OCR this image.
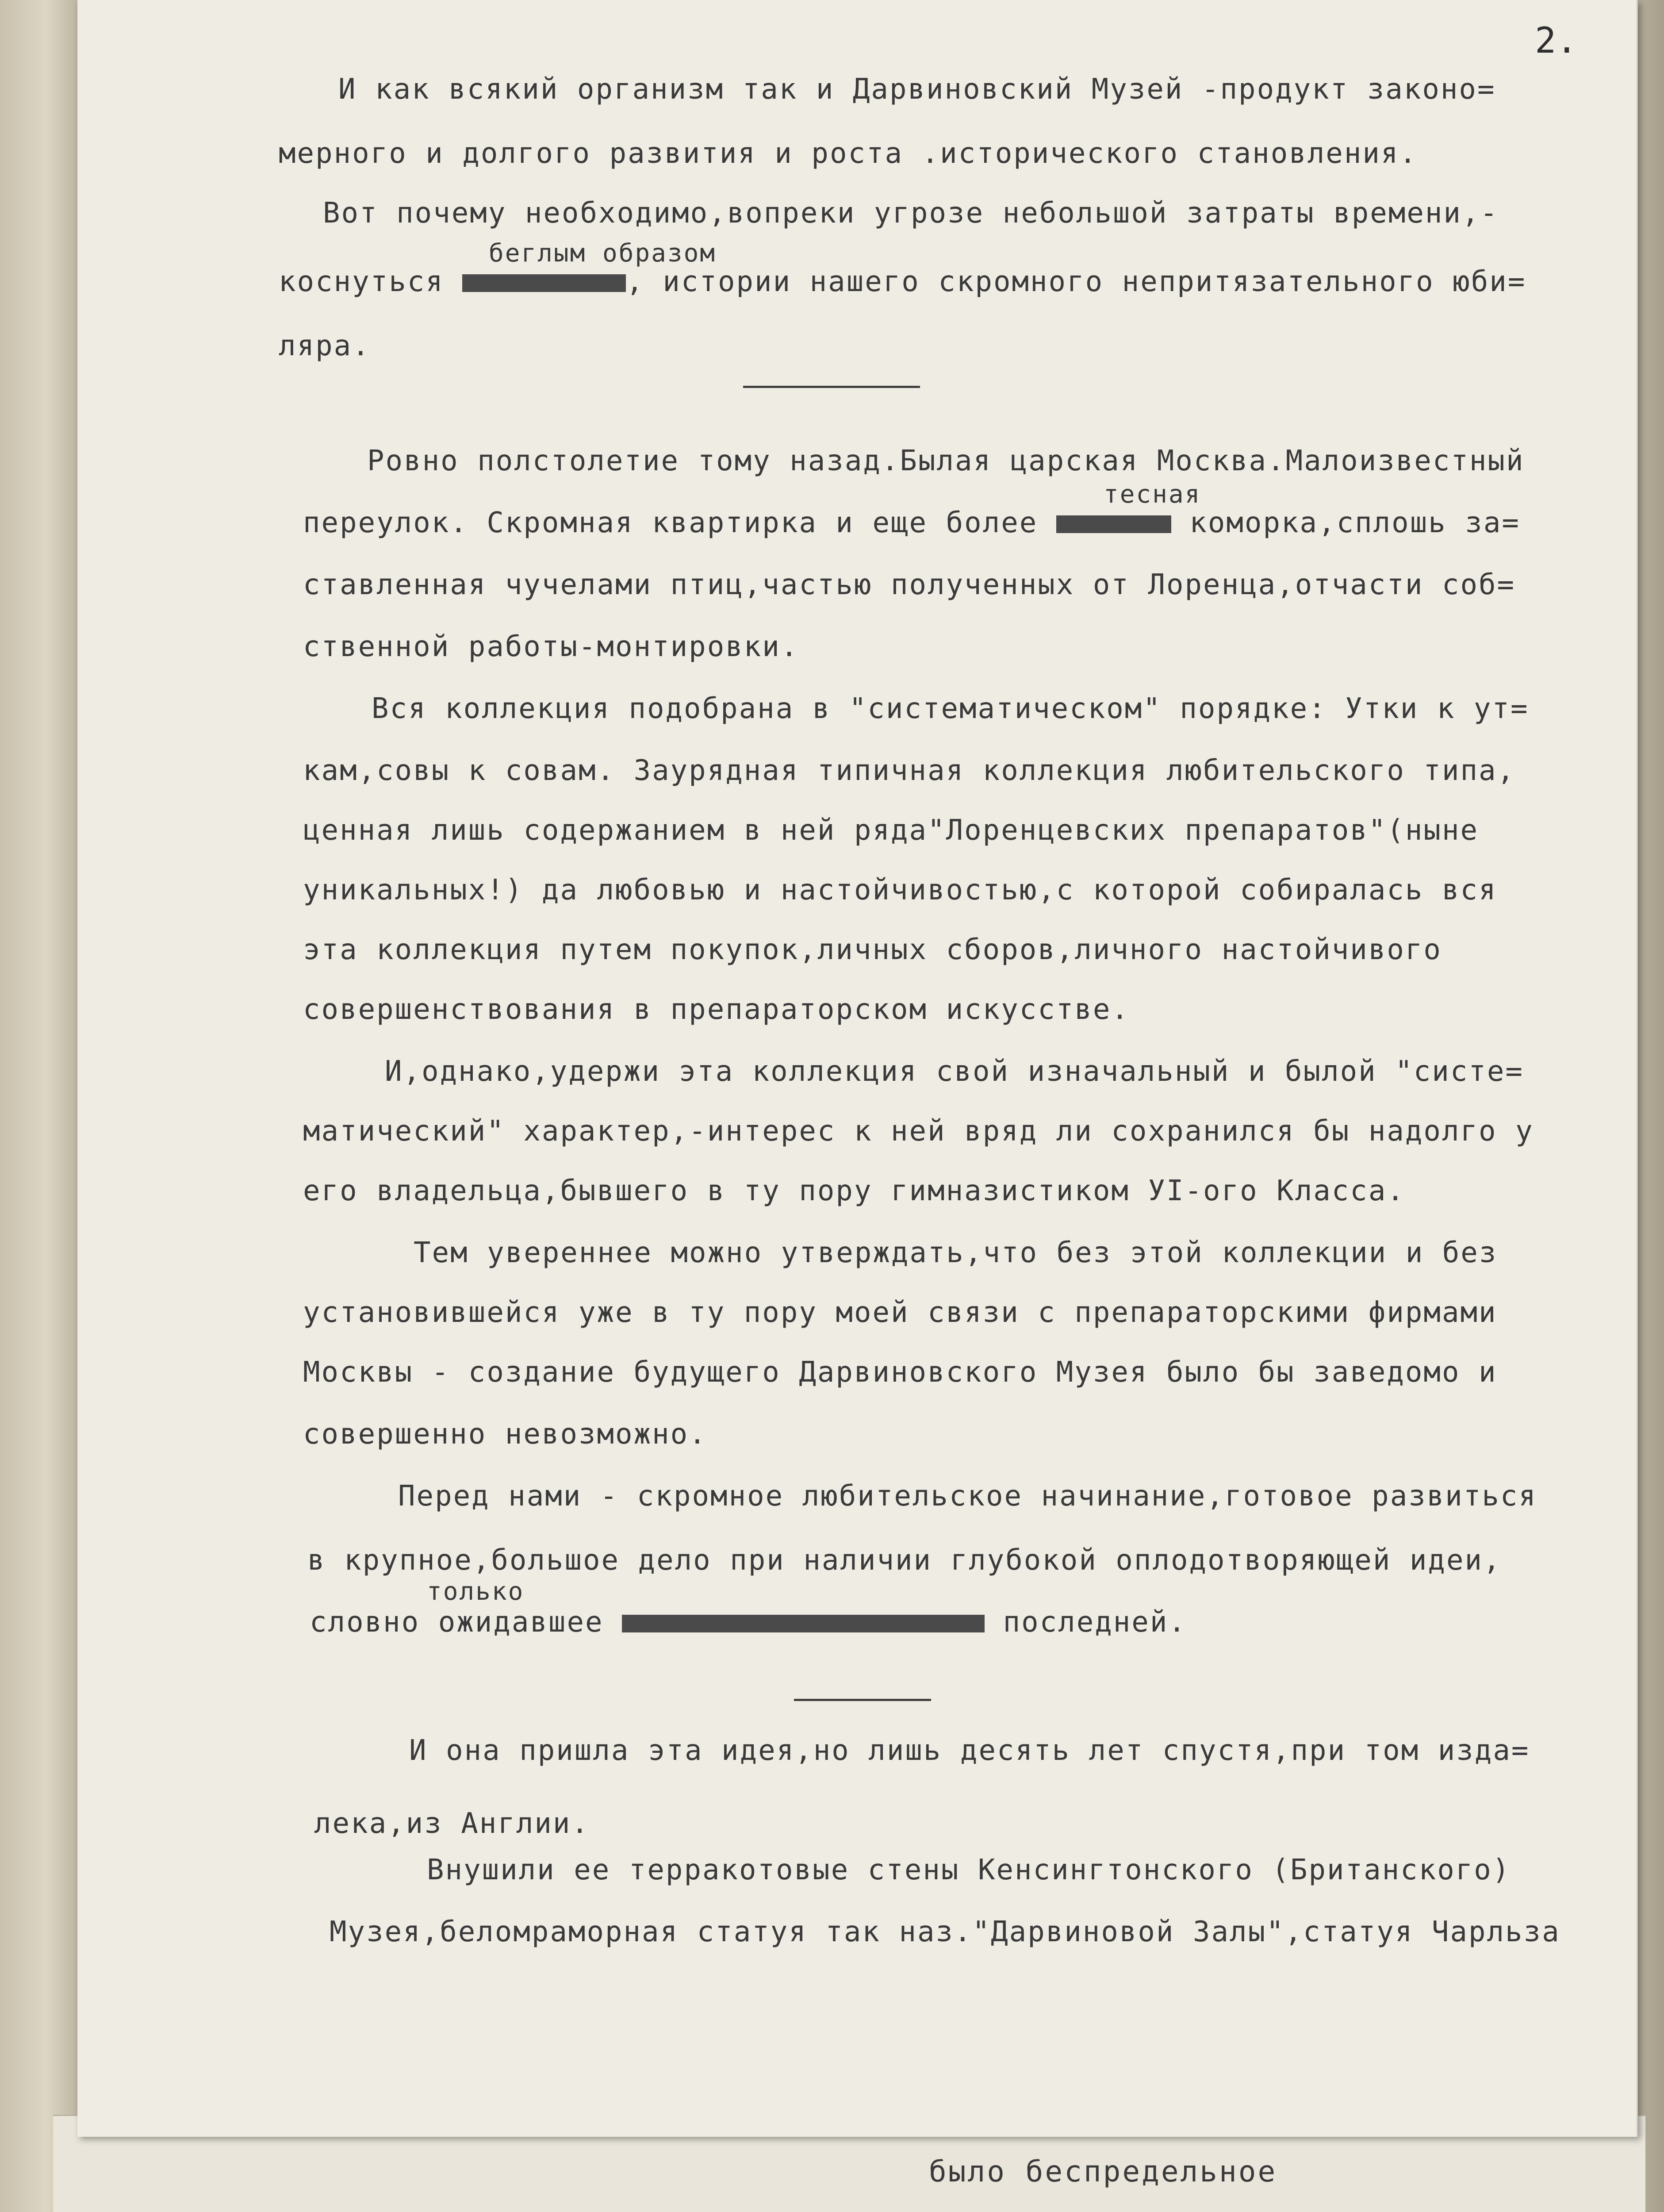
было беспредельное
2.
И как всякий организм так и Дарвиновский Музей -продукт законо=
мерного и долгого развития и роста .исторического становления.
Вот почему необходимо,вопреки угрозе небольшой затраты времени,-
беглым образом
коснуться	, истории нашего скромного непритязательного юби=
ляра.
Ровно полстолетие тому назад.Былая царская Москва.Малоизвестный
тесная
переулок. Скромная квартирка и еще более	коморка,сплошь за=
ставленная чучелами птиц,частью полученных от Лоренца,отчасти соб=
ственной работы-монтировки.
Вся коллекция подобрана в "систематическом" порядке: Утки к ут=
кам,совы к совам. Заурядная типичная коллекция любительского типа,
ценная лишь содержанием в ней ряда"Лоренцевских препаратов"(ныне
уникальных!) да любовью и настойчивостью,с которой собиралась вся
эта коллекция путем покупок,личных сборов,личного настойчивого
совершенствования в препараторском искусстве.
И,однако,удержи эта коллекция свой изначальный и былой "систе=
матический" характер,-интерес к ней вряд ли сохранился бы надолго у
его владельца,бывшего в ту пору гимназистиком УI-ого Класса.
Тем увереннее можно утверждать,что без этой коллекции и без
установившейся уже в ту пору моей связи с препараторскими фирмами
Москвы - создание будущего Дарвиновского Музея было бы заведомо и
совершенно невозможно.
Перед нами - скромное любительское начинание,готовое развиться
в крупное,большое дело при наличии глубокой оплодотворяющей идеи,
только
словно ожидавшее	последней.
И она пришла эта идея,но лишь десять лет спустя,при том изда=
лека,из Англии.
Внушили ее терракотовые стены Кенсингтонского (Британского)
Музея,беломраморная статуя так наз."Дарвиновой Залы",статуя Чарльза
